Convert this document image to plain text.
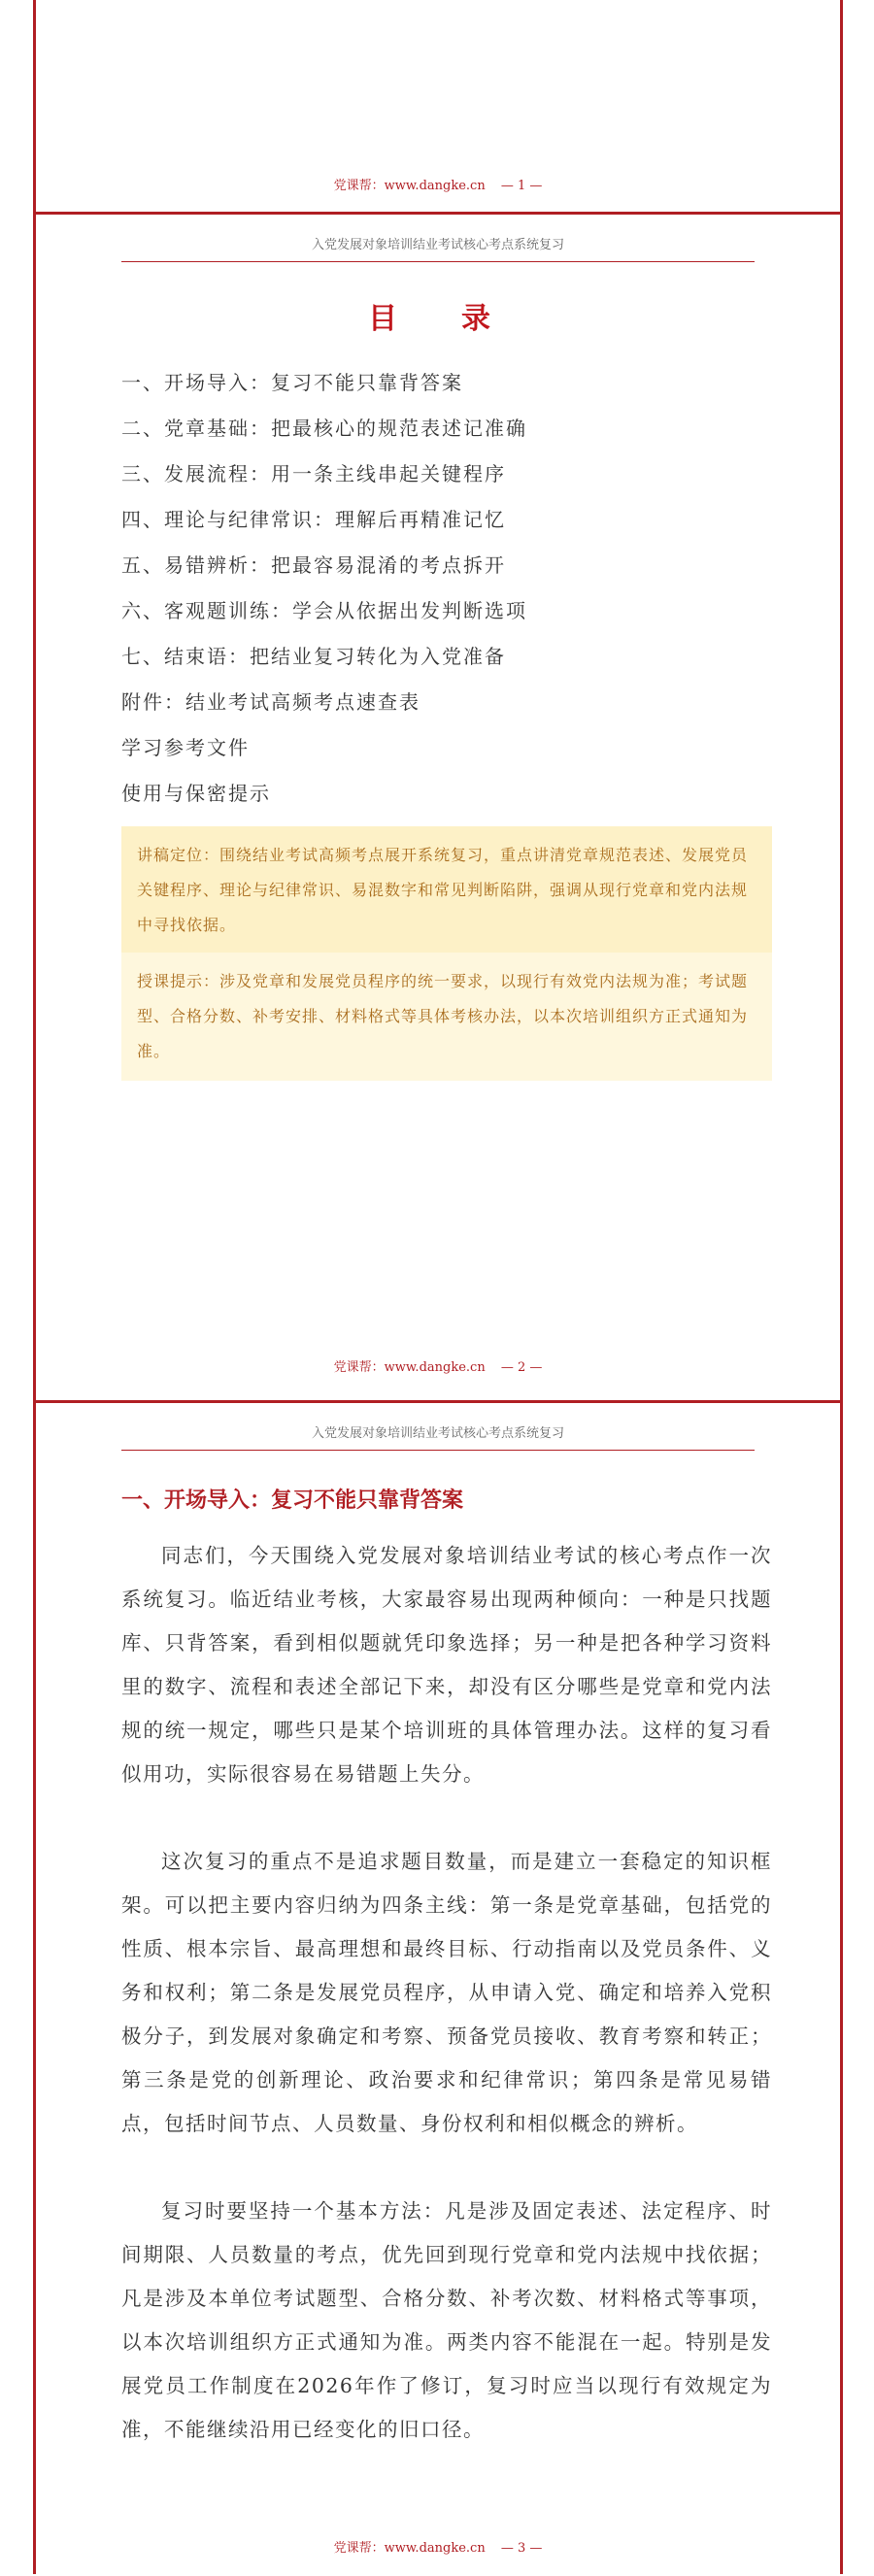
党课帮：www.dangke.cn — 1 —
入党发展对象培训结业考试核心考点系统复习
目　录
一、开场导入：复习不能只靠背答案
二、党章基础：把最核心的规范表述记准确
三、发展流程：用一条主线串起关键程序
四、理论与纪律常识：理解后再精准记忆
五、易错辨析：把最容易混淆的考点拆开
六、客观题训练：学会从依据出发判断选项
七、结束语：把结业复习转化为入党准备
附件：结业考试高频考点速查表
学习参考文件
使用与保密提示
讲稿定位：围绕结业考试高频考点展开系统复习，重点讲清党章规范表述、发展党员关键程序、理论与纪律常识、易混数字和常见判断陷阱，强调从现行党章和党内法规中寻找依据。
授课提示：涉及党章和发展党员程序的统一要求，以现行有效党内法规为准；考试题型、合格分数、补考安排、材料格式等具体考核办法，以本次培训组织方正式通知为准。
党课帮：www.dangke.cn — 2 —
入党发展对象培训结业考试核心考点系统复习
一、开场导入：复习不能只靠背答案

同志们，今天围绕入党发展对象培训结业考试的核心考点作一次系统复习。临近结业考核，大家最容易出现两种倾向：一种是只找题库、只背答案，看到相似题就凭印象选择；另一种是把各种学习资料里的数字、流程和表述全部记下来，却没有区分哪些是党章和党内法规的统一规定，哪些只是某个培训班的具体管理办法。这样的复习看似用功，实际很容易在易错题上失分。

这次复习的重点不是追求题目数量，而是建立一套稳定的知识框架。可以把主要内容归纳为四条主线：第一条是党章基础，包括党的性质、根本宗旨、最高理想和最终目标、行动指南以及党员条件、义务和权利；第二条是发展党员程序，从申请入党、确定和培养入党积极分子，到发展对象确定和考察、预备党员接收、教育考察和转正；第三条是党的创新理论、政治要求和纪律常识；第四条是常见易错点，包括时间节点、人员数量、身份权利和相似概念的辨析。

复习时要坚持一个基本方法：凡是涉及固定表述、法定程序、时间期限、人员数量的考点，优先回到现行党章和党内法规中找依据；凡是涉及本单位考试题型、合格分数、补考次数、材料格式等事项，以本次培训组织方正式通知为准。两类内容不能混在一起。特别是发展党员工作制度在2026年作了修订，复习时应当以现行有效规定为准，不能继续沿用已经变化的旧口径。

党课帮：www.dangke.cn — 3 —
